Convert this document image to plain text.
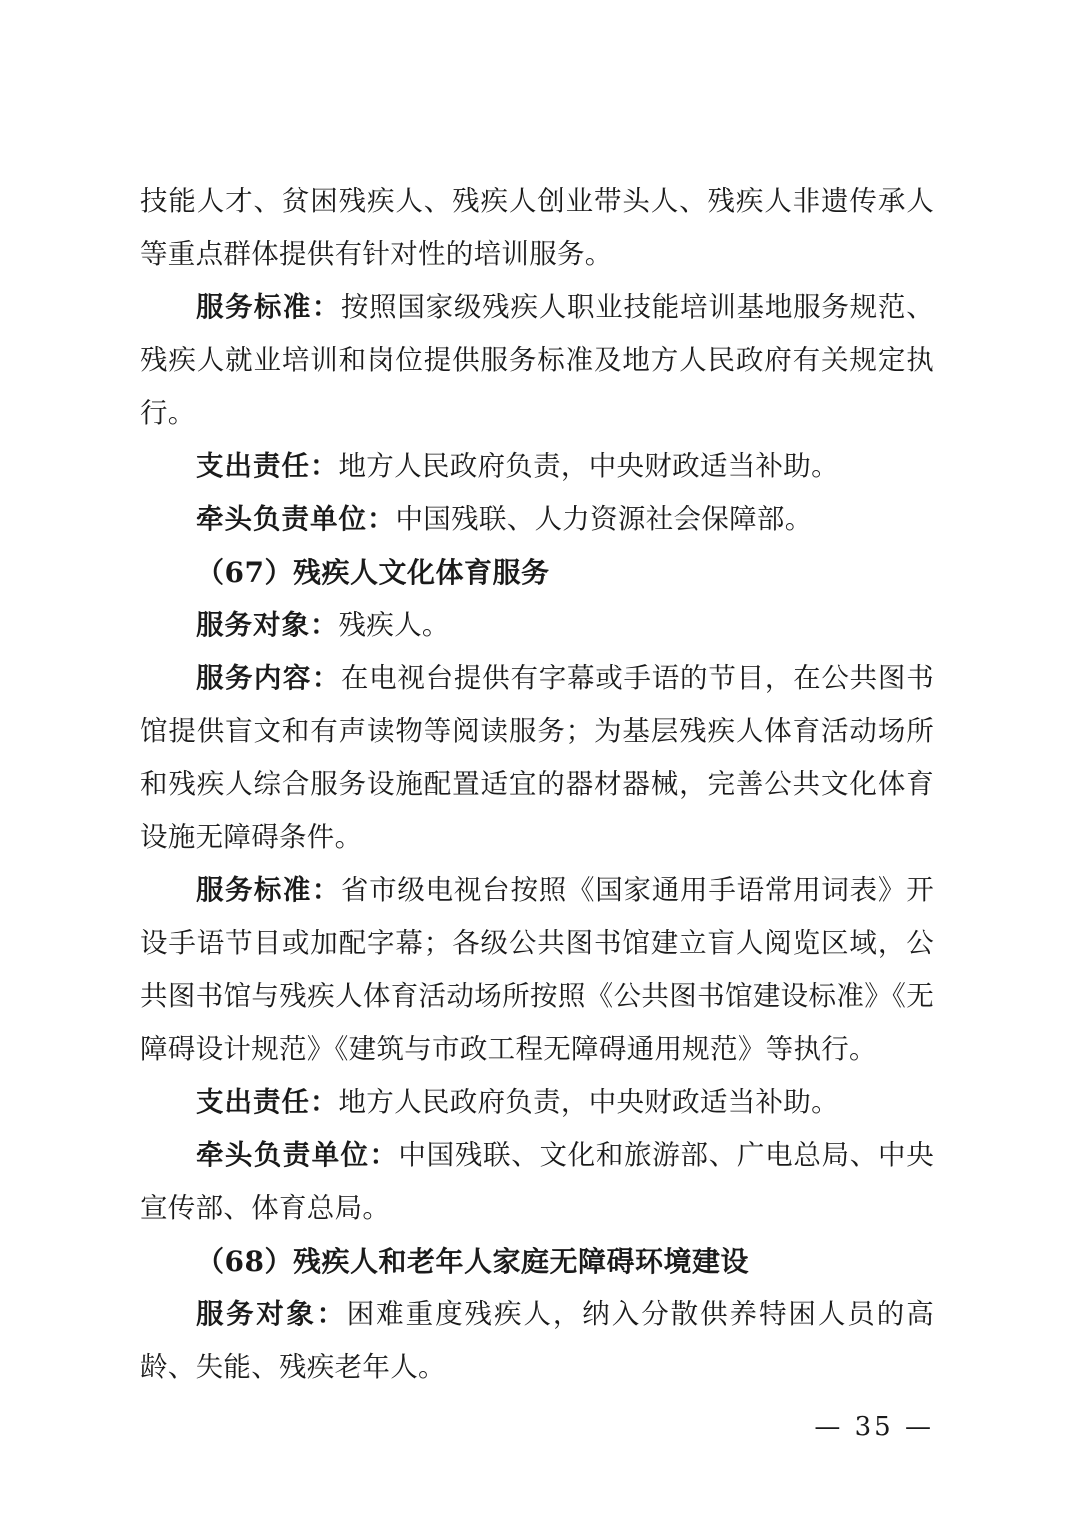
技能人才、贫困残疾人、残疾人创业带头人、残疾人非遗传承人等重点群体提供有针对性的培训服务。

服务标准：按照国家级残疾人职业技能培训基地服务规范、残疾人就业培训和岗位提供服务标准及地方人民政府有关规定执行。

支出责任：地方人民政府负责，中央财政适当补助。

牵头负责单位：中国残联、人力资源社会保障部。

（67）残疾人文化体育服务

服务对象：残疾人。

服务内容：在电视台提供有字幕或手语的节目，在公共图书馆提供盲文和有声读物等阅读服务；为基层残疾人体育活动场所和残疾人综合服务设施配置适宜的器材器械，完善公共文化体育设施无障碍条件。

服务标准：省市级电视台按照《国家通用手语常用词表》开设手语节目或加配字幕；各级公共图书馆建立盲人阅览区域，公共图书馆与残疾人体育活动场所按照《公共图书馆建设标准》《无障碍设计规范》《建筑与市政工程无障碍通用规范》等执行。

支出责任：地方人民政府负责，中央财政适当补助。

牵头负责单位：中国残联、文化和旅游部、广电总局、中央宣传部、体育总局。

（68）残疾人和老年人家庭无障碍环境建设

服务对象：困难重度残疾人，纳入分散供养特困人员的高龄、失能、残疾老年人。

— 35 —
